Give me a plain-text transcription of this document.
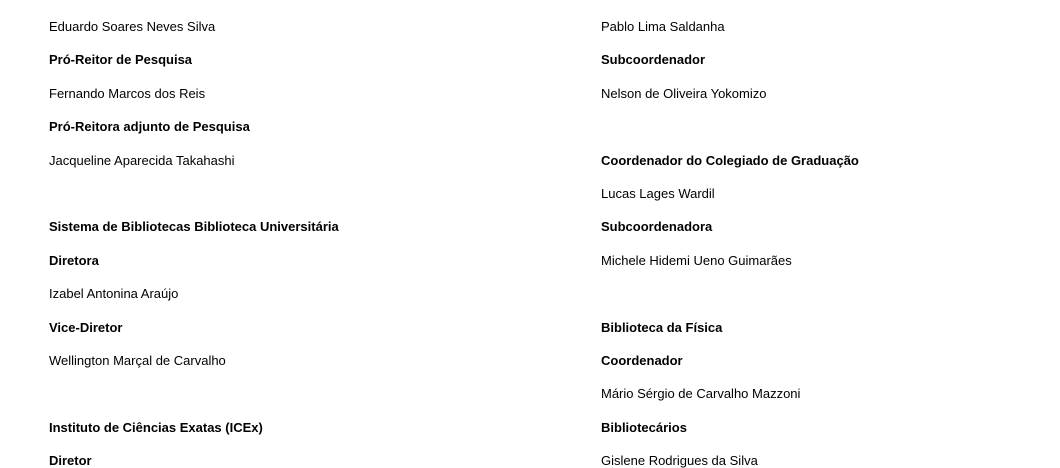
Eduardo Soares Neves Silva
Pró-Reitor de Pesquisa
Fernando Marcos dos Reis
Pró-Reitora adjunto de Pesquisa
Jacqueline Aparecida Takahashi
Sistema de Bibliotecas Biblioteca Universitária
Diretora
Izabel Antonina Araújo
Vice-Diretor
Wellington Marçal de Carvalho
Instituto de Ciências Exatas (ICEx)
Diretor
Pablo Lima Saldanha
Subcoordenador
Nelson de Oliveira Yokomizo
Coordenador do Colegiado de Graduação
Lucas Lages Wardil
Subcoordenadora
Michele Hidemi Ueno Guimarães
Biblioteca da Física
Coordenador
Mário Sérgio de Carvalho Mazzoni
Bibliotecários
Gislene Rodrigues da Silva
